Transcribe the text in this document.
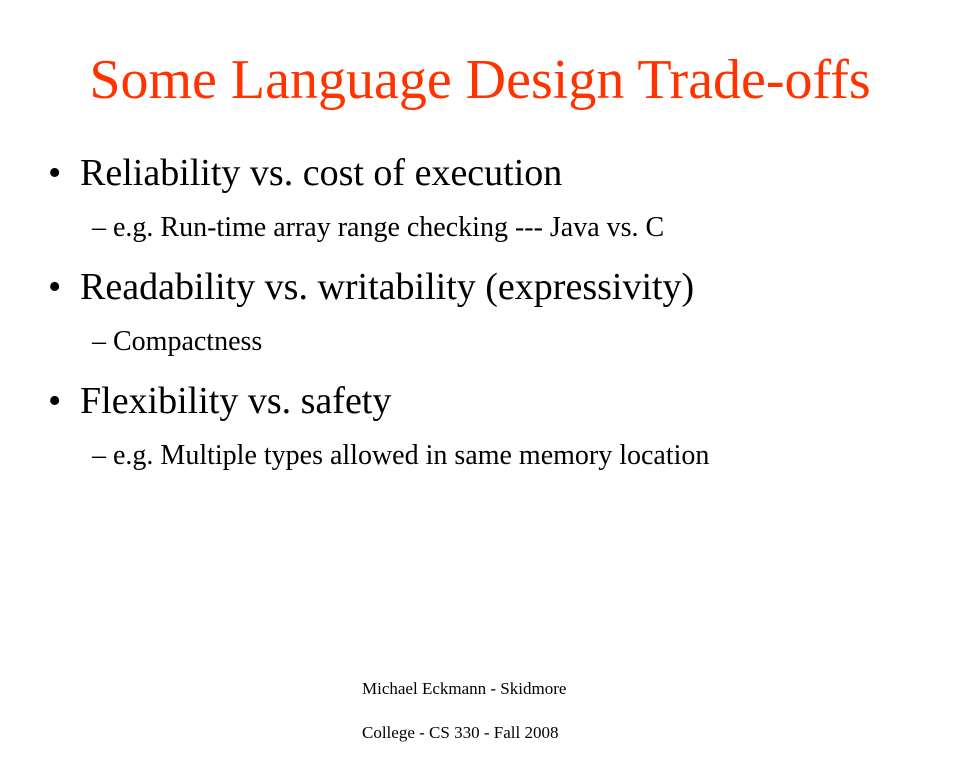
Some Language Design Trade-offs
• Reliability vs. cost of execution
– e.g. Run-time array range checking --- Java vs. C
• Readability vs. writability (expressivity)
– Compactness
• Flexibility vs. safety
– e.g. Multiple types allowed in same memory location

Michael Eckmann - Skidmore

College - CS 330 - Fall 2008
